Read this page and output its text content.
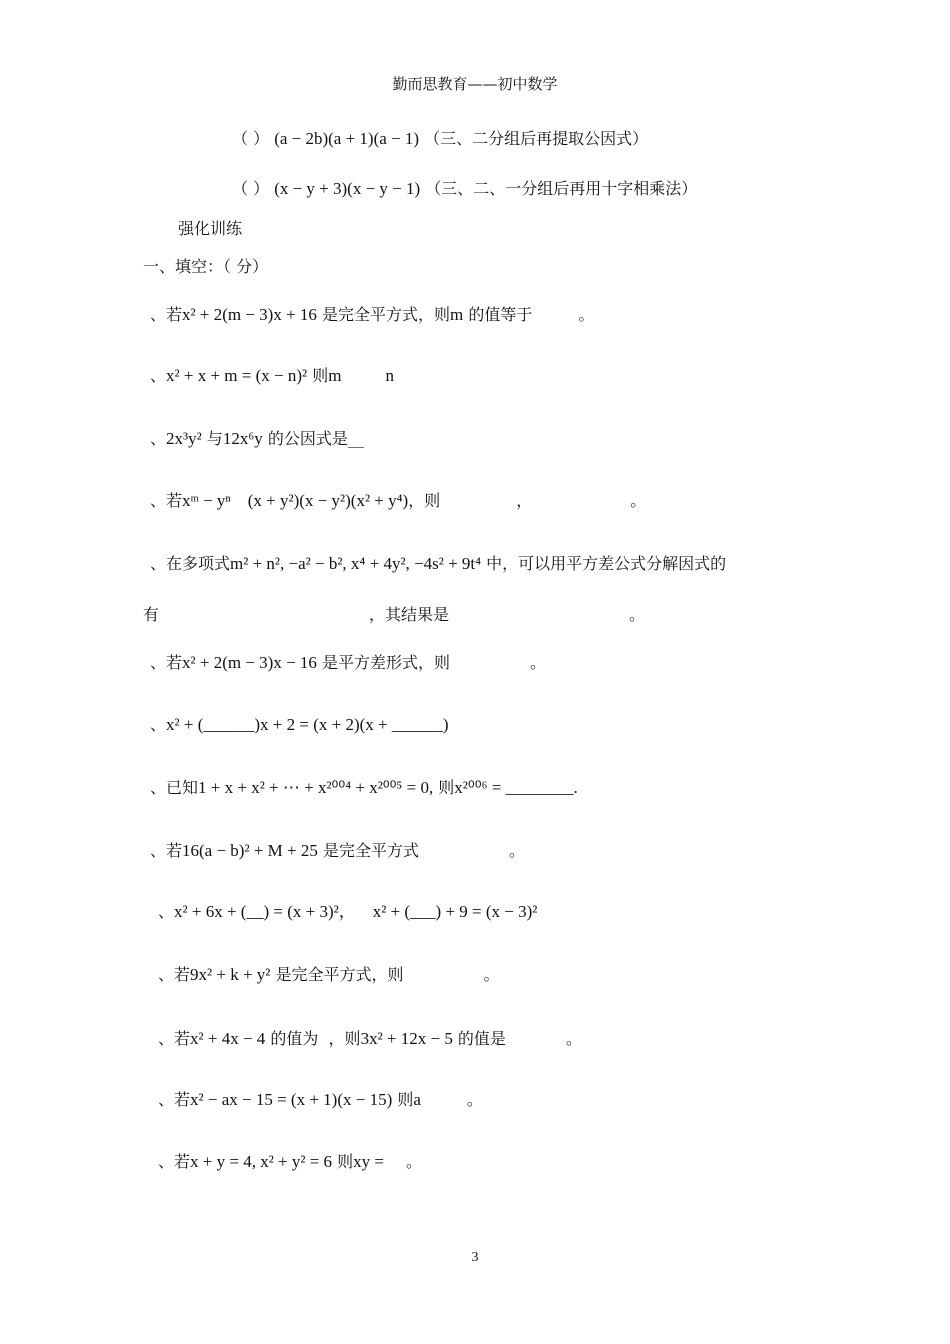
勤而思教育——初中数学
（ ） (a − 2b)(a + 1)(a − 1) （三、二分组后再提取公因式）
（ ） (x − y + 3)(x − y − 1) （三、二、一分组后再用十字相乘法）
强化训练
一、填空：（ 分）
、若x² + 2(m − 3)x + 16 是完全平方式，则m 的值等于	。
、x² + x + m = (x − n)² 则m	n
、2x³y² 与12x⁶y 的公因式是__
、若xᵐ − yⁿ    (x + y²)(x − y²)(x² + y⁴)，则	，	。
、在多项式m² + n², −a² − b², x⁴ + 4y², −4s² + 9t⁴ 中，可以用平方差公式分解因式的
有	，其结果是	。
、若x² + 2(m − 3)x − 16 是平方差形式，则	。
、x² + (______)x + 2 = (x + 2)(x + ______)
、已知1 + x + x² + ⋯ + x²⁰⁰⁴ + x²⁰⁰⁵ = 0, 则x²⁰⁰⁶ = ________.
、若16(a − b)² + M + 25 是完全平方式	。
、x² + 6x + (__) = (x + 3)²，    x² + (___) + 9 = (x − 3)²
、若9x² + k + y² 是完全平方式，则	。
、若x² + 4x − 4 的值为  ，则3x² + 12x − 5 的值是	。
、若x² − ax − 15 = (x + 1)(x − 15) 则a	。
、若x + y = 4, x² + y² = 6 则xy = 。
3
